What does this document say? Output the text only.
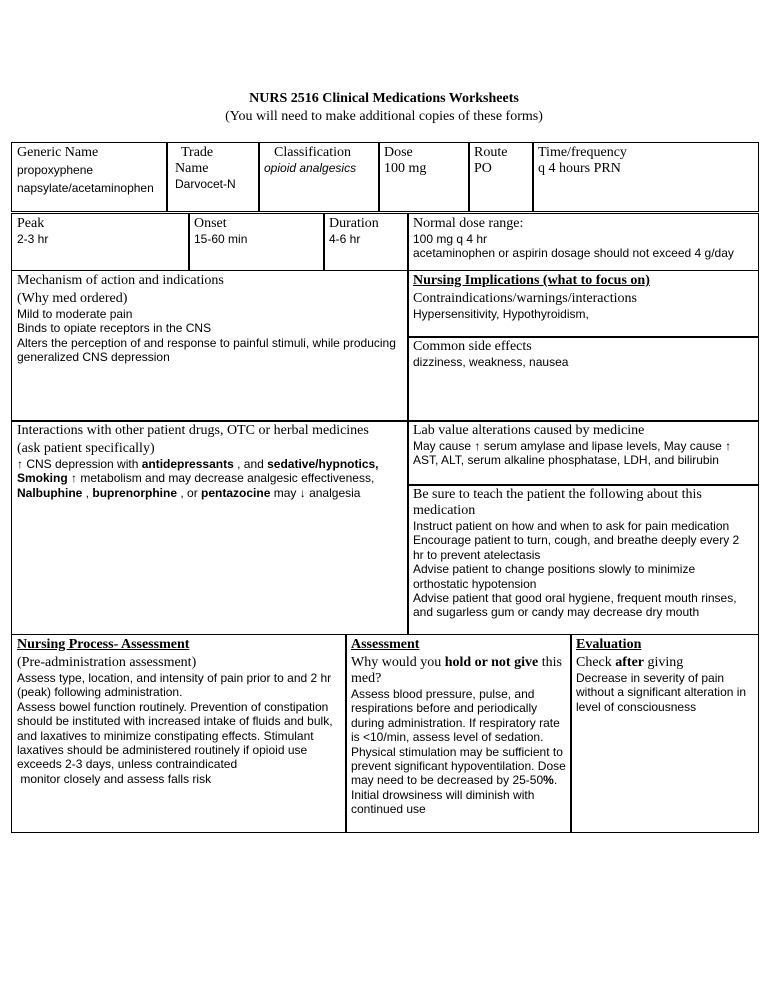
NURS 2516 Clinical Medications Worksheets
(You will need to make additional copies of these forms)
Generic Name
propoxyphene
napsylate/acetaminophen
Trade
Name
Darvocet-N
Classification
opioid analgesics
Dose
100 mg
Route
PO
Time/frequency
q 4 hours PRN
Peak
2-3 hr
Onset
15-60 min
Duration
4-6 hr
Normal dose range:
100 mg q 4 hr
acetaminophen or aspirin dosage should not exceed 4 g/day
Mechanism of action and indications
(Why med ordered)
Mild to moderate pain
Binds to opiate receptors in the CNS
Alters the perception of and response to painful stimuli, while producing generalized CNS depression
Nursing Implications (what to focus on)
Contraindications/warnings/interactions
Hypersensitivity, Hypothyroidism,
Common side effects
dizziness, weakness, nausea
Interactions with other patient drugs, OTC or herbal medicines
(ask patient specifically)
↑ CNS depression with antidepressants , and sedative/hypnotics, Smoking ↑ metabolism and may decrease analgesic effectiveness, Nalbuphine , buprenorphine , or pentazocine may ↓ analgesia
Lab value alterations caused by medicine
May cause ↑ serum amylase and lipase levels, May cause ↑ AST, ALT, serum alkaline phosphatase, LDH, and bilirubin
Be sure to teach the patient the following about this medication
Instruct patient on how and when to ask for pain medication
Encourage patient to turn, cough, and breathe deeply every 2 hr to prevent atelectasis
Advise patient to change positions slowly to minimize orthostatic hypotension
Advise patient that good oral hygiene, frequent mouth rinses, and sugarless gum or candy may decrease dry mouth
Nursing Process- Assessment
(Pre-administration assessment)
Assess type, location, and intensity of pain prior to and 2 hr (peak) following administration.
Assess bowel function routinely. Prevention of constipation should be instituted with increased intake of fluids and bulk, and laxatives to minimize constipating effects. Stimulant laxatives should be administered routinely if opioid use exceeds 2-3 days, unless contraindicated
monitor closely and assess falls risk
Assessment
Why would you hold or not give this med?
Assess blood pressure, pulse, and respirations before and periodically during administration. If respiratory rate is <10/min, assess level of sedation. Physical stimulation may be sufficient to prevent significant hypoventilation. Dose may need to be decreased by 25-50%. Initial drowsiness will diminish with continued use
Evaluation
Check after giving
Decrease in severity of pain without a significant alteration in level of consciousness
